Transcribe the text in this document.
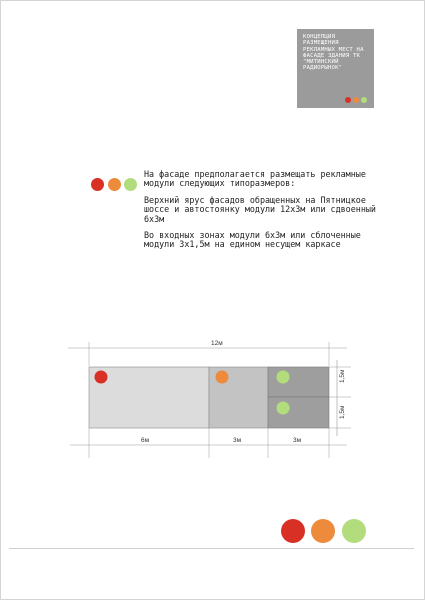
КОНЦЕПЦИЯ РАЗМЕЩЕНИЯ РЕКЛАМНЫХ МЕСТ НА ФАСАДЕ ЗДАНИЯ ТК "МИТИНСКИЙ РАДИОРЫНОК"

На фасаде предполагается размещать рекламные модули следующих типоразмеров:

Верхний ярус фасадов обращенных на Пятницкое шоссе и автостоянку модули 12х3м или сдвоенный 6х3м

Во входных зонах модули 6х3м или сблоченные модули 3х1,5м на едином несущем каркасе

12м
6м	3м	3м
1,5м
1,5м
